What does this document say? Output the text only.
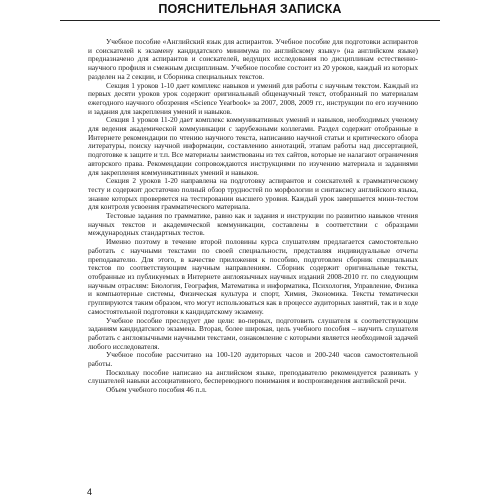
ПОЯСНИТЕЛЬНАЯ ЗАПИСКА

Учебное пособие «Английский язык для аспирантов. Учебное пособие для подготовки аспирантов и соискателей к экзамену кандидатского минимума по английскому языку» (на английском языке) предназначено для аспирантов и соискателей, ведущих исследования по дисциплинам естественно-научного профиля и смежным дисциплинам. Учебное пособие состоит из 20 уроков, каждый из которых разделен на 2 секции, и Сборника специальных текстов.

Секция 1 уроков 1-10 дает комплекс навыков и умений для работы с научным текстом. Каждый из первых десяти уроков урок содержит оригинальный общенаучный текст, отобранный по материалам ежегодного научного обозрения «Science Yearbook» за 2007, 2008, 2009 гг., инструкции по его изучению и задания для закрепления умений и навыков.

Секция 1 уроков 11-20 дает комплекс коммуникативных умений и навыков, необходимых ученому для ведения академической коммуникации с зарубежными коллегами. Раздел содержит отобранные в Интернете рекомендации по чтению научного текста, написанию научной статьи и критического обзора литературы, поиску научной информации, составлению аннотаций, этапам работы над диссертацией, подготовке к защите и т.п. Все материалы заимствованы из тех сайтов, которые не налагают ограничения авторского права. Рекомендации сопровождаются инструкциями по изучению материала и заданиями для закрепления коммуникативных умений и навыков.

Секция 2 уроков 1-20 направлена на подготовку аспирантов и соискателей к грамматическому тесту и содержит достаточно полный обзор трудностей по морфологии и синтаксису английского языка, знание которых проверяется на тестировании высшего уровня. Каждый урок завершается мини-тестом для контроля усвоения грамматического материала.

Тестовые задания по грамматике, равно как и задания и инструкции по развитию навыков чтения научных текстов и академической коммуникации, составлены в соответствии с образцами международных стандартных тестов.

Именно поэтому в течение второй половины курса слушателям предлагается самостоятельно работать с научными текстами по своей специальности, представляя индивидуальные отчеты преподавателю. Для этого, в качестве приложения к пособию, подготовлен сборник специальных текстов по соответствующим научным направлениям. Сборник содержит оригинальные тексты, отобранные из публикуемых в Интернете англоязычных научных изданий 2008-2010 гг. по следующим научным отраслям: Биология, География, Математика и информатика, Психология, Управление, Физика и компьютерные системы, Физическая культура и спорт, Химия, Экономика. Тексты тематически группируются таким образом, что могут использоваться как в процессе аудиторных занятий, так и в ходе самостоятельной подготовки к кандидатскому экзамену.

Учебное пособие преследует две цели: во-первых, подготовить слушателя к соответствующим заданиям кандидатского экзамена. Вторая, более широкая, цель учебного пособия – научить слушателя работать с англоязычными научными текстами, ознакомление с которыми является необходимой задачей любого исследователя.

Учебное пособие рассчитано на 100-120 аудиторных часов и 200-240 часов самостоятельной работы.

Поскольку пособие написано на английском языке, преподавателю рекомендуется развивать у слушателей навыки ассоциативного, беспереводного понимания и воспроизведения английской речи.

Объем учебного пособия 46 п.л.

4
